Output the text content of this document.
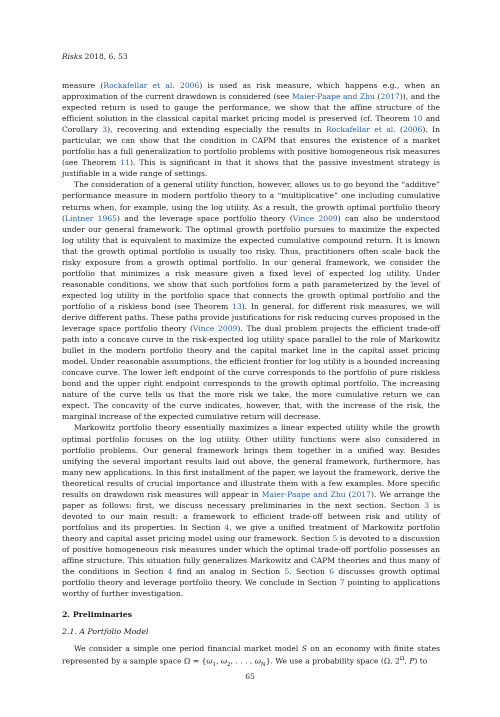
Risks 2018, 6, 53

measure (Rockafellar et al. 2006) is used as risk measure, which happens e.g., when an approximation of the current drawdown is considered (see Maier-Paape and Zhu (2017)), and the expected return is used to gauge the performance, we show that the affine structure of the efficient solution in the classical capital market pricing model is preserved (cf. Theorem 10 and Corollary 3), recovering and extending especially the results in Rockafellar et al. (2006). In particular, we can show that the condition in CAPM that ensures the existence of a market portfolio has a full generalization to portfolio problems with positive homogeneous risk measures (see Theorem 11). This is significant in that it shows that the passive investment strategy is justifiable in a wide range of settings.

The consideration of a general utility function, however, allows us to go beyond the “additive” performance measure in modern portfolio theory to a “multiplicative” one including cumulative returns when, for example, using the log utility. As a result, the growth optimal portfolio theory (Lintner 1965) and the leverage space portfolio theory (Vince 2009) can also be understood under our general framework. The optimal growth portfolio pursues to maximize the expected log utility that is equivalent to maximize the expected cumulative compound return. It is known that the growth optimal portfolio is usually too risky. Thus, practitioners often scale back the risky exposure from a growth optimal portfolio. In our general framework, we consider the portfolio that minimizes a risk measure given a fixed level of expected log utility. Under reasonable conditions, we show that such portfolios form a path parameterized by the level of expected log utility in the portfolio space that connects the growth optimal portfolio and the portfolio of a riskless bond (see Theorem 13). In general, for different risk measures, we will derive different paths. These paths provide justifications for risk reducing curves proposed in the leverage space portfolio theory (Vince 2009). The dual problem projects the efficient trade-off path into a concave curve in the risk-expected log utility space parallel to the role of Markowitz bullet in the modern portfolio theory and the capital market line in the capital asset pricing model. Under reasonable assumptions, the efficient frontier for log utility is a bounded increasing concave curve. The lower left endpoint of the curve corresponds to the portfolio of pure riskless bond and the upper right endpoint corresponds to the growth optimal portfolio. The increasing nature of the curve tells us that the more risk we take, the more cumulative return we can expect. The concavity of the curve indicates, however, that, with the increase of the risk, the marginal increase of the expected cumulative return will decrease.

Markowitz portfolio theory essentially maximizes a linear expected utility while the growth optimal portfolio focuses on the log utility. Other utility functions were also considered in portfolio problems. Our general framework brings them together in a unified way. Besides unifying the several important results laid out above, the general framework, furthermore, has many new applications. In this first installment of the paper, we layout the framework, derive the theoretical results of crucial importance and illustrate them with a few examples. More specific results on drawdown risk measures will appear in Maier-Paape and Zhu (2017). We arrange the paper as follows: first, we discuss necessary preliminaries in the next section. Section 3 is devoted to our main result: a framework to efficient trade-off between risk and utility of portfolios and its properties. In Section 4, we give a unified treatment of Markowitz portfolio theory and capital asset pricing model using our framework. Section 5 is devoted to a discussion of positive homogeneous risk measures under which the optimal trade-off portfolio possesses an affine structure. This situation fully generalizes Markowitz and CAPM theories and thus many of the conditions in Section 4 find an analog in Section 5. Section 6 discusses growth optimal portfolio theory and leverage portfolio theory. We conclude in Section 7 pointing to applications worthy of further investigation.

2. Preliminaries
2.1. A Portfolio Model

We consider a simple one period financial market model S on an economy with finite states represented by a sample space $\Omega = \{\omega_1$, $\omega_2$, . . . , $\omega_N$}. We use a probability space (Ω, $2^\Omega$, P) to

65
